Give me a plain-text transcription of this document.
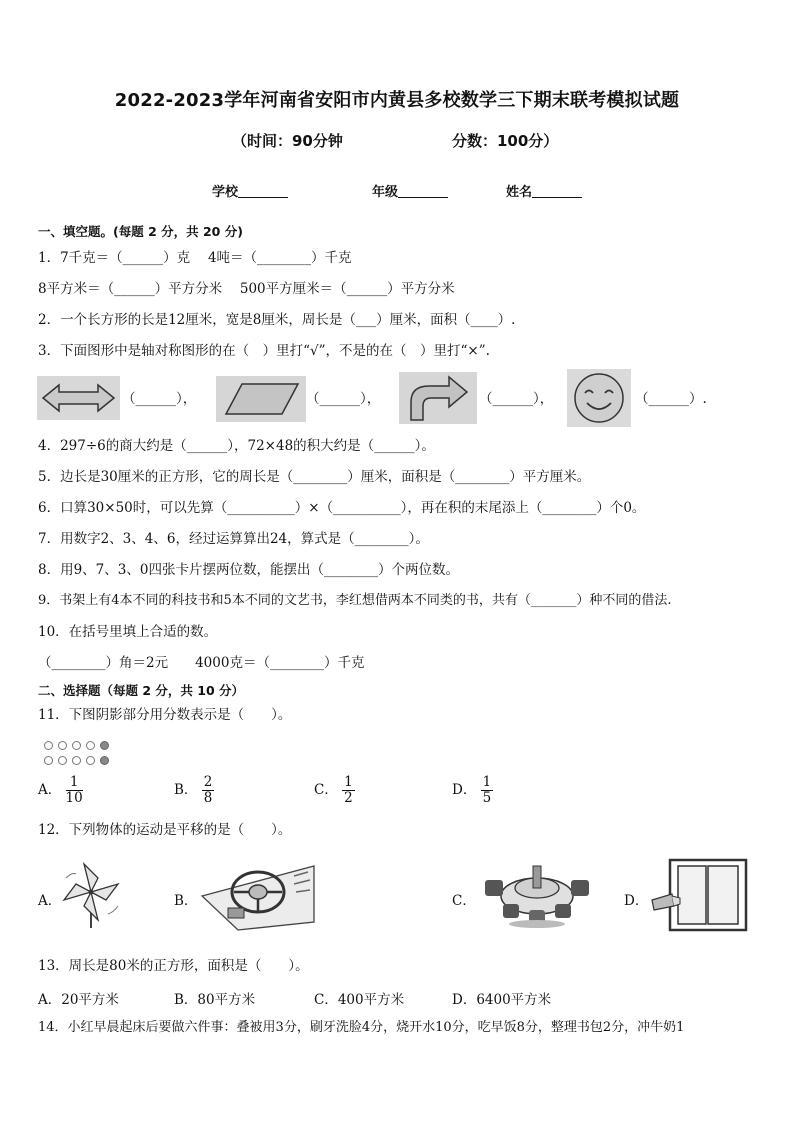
2022-2023学年河南省安阳市内黄县多校数学三下期末联考模拟试题
（时间：90分钟	分数：100分）
学校	年级	姓名
一、填空题。(每题 2 分，共 20 分)
1．7千克＝（______）克　 4吨＝（________）千克
8平方米＝（______）平方分米　 500平方厘米＝（______）平方分米
2．一个长方形的长是12厘米，宽是8厘米，周长是（___）厘米，面积（____）.
3．下面图形中是轴对称图形的在（　）里打“√”，不是的在（　）里打“×”.
（______），	（______），	（______），	（______）.
4．297÷6的商大约是（______），72×48的积大约是（______）。
5．边长是30厘米的正方形，它的周长是（________）厘米，面积是（________）平方厘米。
6．口算30×50时，可以先算（__________）×（__________），再在积的末尾添上（________）个0。
7．用数字2、3、4、6，经过运算算出24，算式是（________）。
8．用9、7、3、0四张卡片摆两位数，能摆出（________）个两位数。
9．书架上有4本不同的科技书和5本不同的文艺书，李红想借两本不同类的书，共有（_______）种不同的借法.
10．在括号里填上合适的数。
（________）角＝2元　　4000克＝（________）千克
二、选择题（每题 2 分，共 10 分）
11．下图阴影部分用分数表示是（　　）。
A． $\frac{1}{10}$	B． $\frac{2}{8}$	C． $\frac{1}{2}$	D． $\frac{1}{5}$
12．下列物体的运动是平移的是（　　）。
A．	B．	C．	D．
13．周长是80米的正方形，面积是（　　）。
A．20平方米	B．80平方米	C．400平方米	D．6400平方米
14．小红早晨起床后要做六件事：叠被用3分，刷牙洗脸4分，烧开水10分，吃早饭8分，整理书包2分，冲牛奶1
